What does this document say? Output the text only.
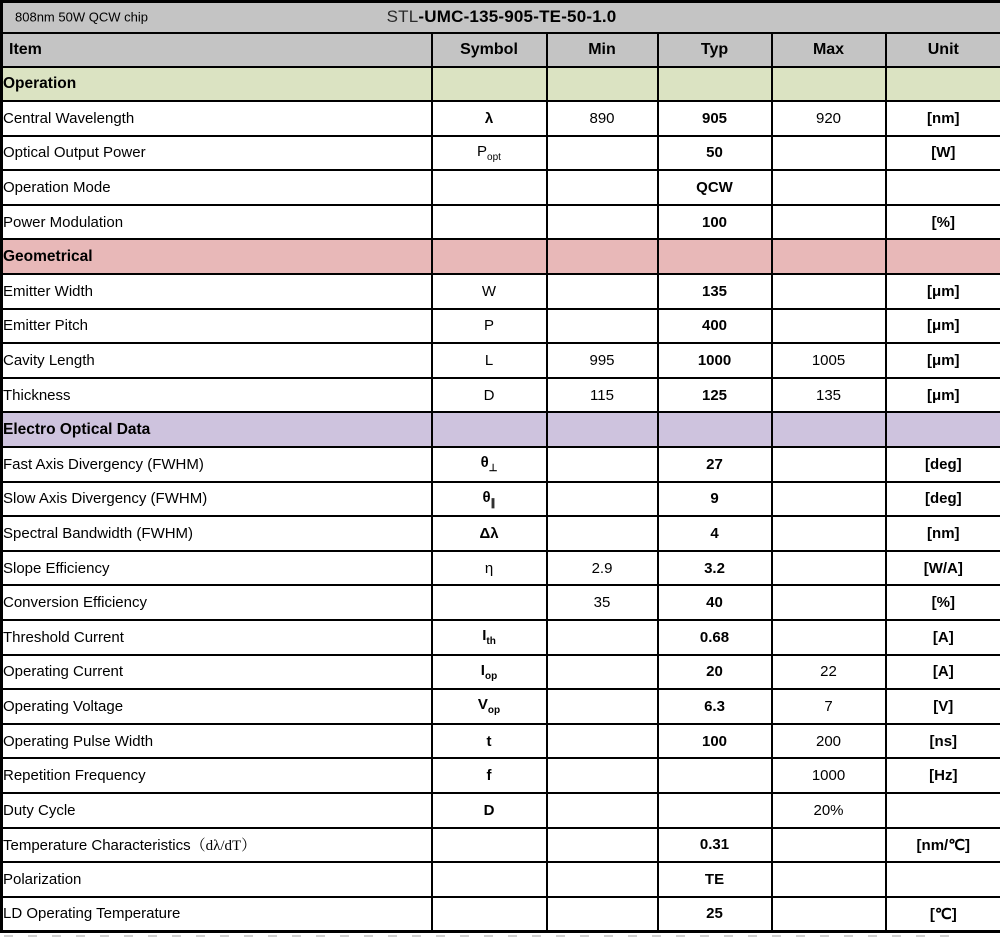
808nm 50W QCW chip STL-UMC-135-905-TE-50-1.0					
Item	Symbol	Min	Typ	Max	Unit
Operation					
Central Wavelength	λ	890	905	920	[nm]
Optical Output Power	$P_{opt}$		50		[W]
Operation Mode			QCW		
Power Modulation			100		[%]
Geometrical					
Emitter Width	W		135		[μm]
Emitter Pitch	P		400		[μm]
Cavity Length	L	995	1000	1005	[μm]
Thickness	D	115	125	135	[μm]
Electro Optical Data					
Fast Axis Divergency (FWHM)	$\theta_\perp$		27		[deg]
Slow Axis Divergency (FWHM)	$\theta_\parallel$		9		[deg]
Spectral Bandwidth (FWHM)	Δλ		4		[nm]
Slope Efficiency	η	2.9	3.2		[W/A]
Conversion Efficiency		35	40		[%]
Threshold Current	$I_{th}$		0.68		[A]
Operating Current	$I_{op}$		20	22	[A]
Operating Voltage	$V_{op}$		6.3	7	[V]
Operating Pulse Width	t		100	200	[ns]
Repetition Frequency	f			1000	[Hz]
Duty Cycle	D			20%	
Temperature Characteristics（dλ/dT）			0.31		[nm/℃]
Polarization			TE		
LD Operating Temperature			25		[℃]
